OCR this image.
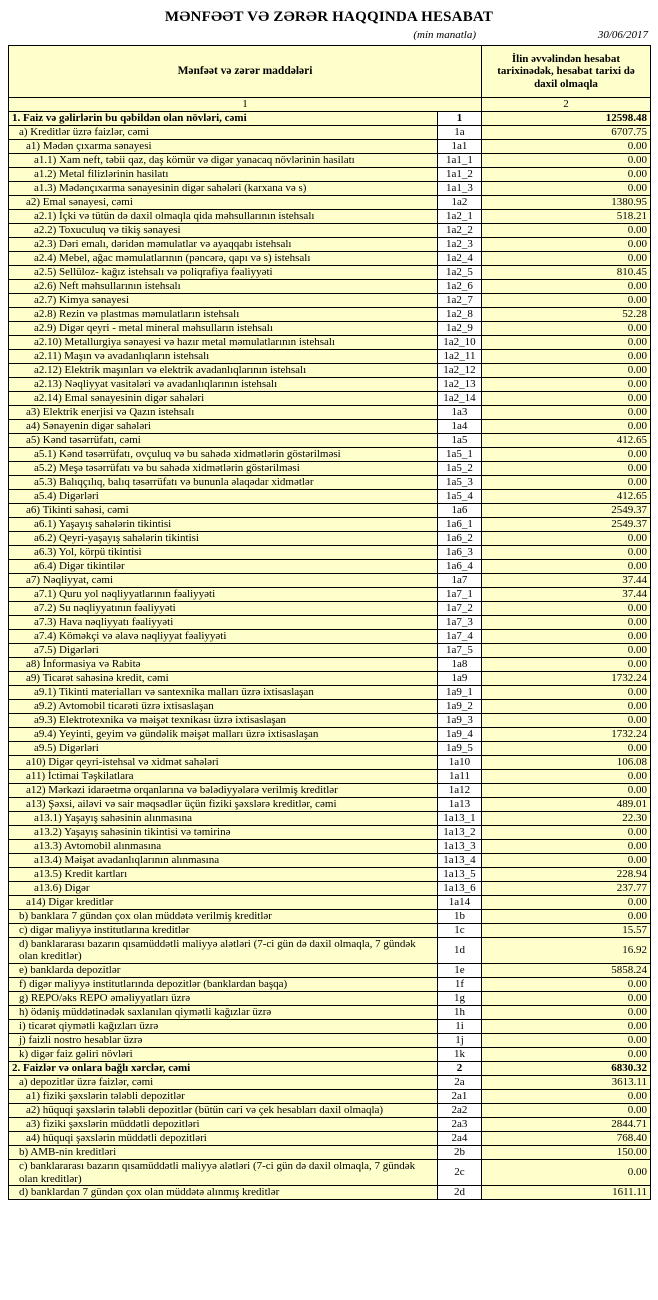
MƏNFƏƏT VƏ ZƏRƏR HAQQINDA HESABAT
(min manatla)	30/06/2017
Mənfəət və zərər maddələri		İlin əvvəlindən hesabat tarixinədək, hesabat tarixi də daxil olmaqla
1		2
1. Faiz və gəlirlərin bu qəbildən olan növləri, cəmi	1	12598.48
a) Kreditlər üzrə faizlər, cəmi	1a	6707.75
a1) Mədən çıxarma sənayesi	1a1	0.00
a1.1) Xam neft, təbii qaz, daş kömür və digər yanacaq növlərinin hasilatı	1a1_1	0.00
a1.2) Metal filizlərinin hasilatı	1a1_2	0.00
a1.3) Mədənçıxarma sənayesinin digər sahələri (karxana və s)	1a1_3	0.00
a2) Emal sənayesi, cəmi	1a2	1380.95
a2.1) İçki və tütün də daxil olmaqla qida məhsullarının istehsalı	1a2_1	518.21
a2.2) Toxuculuq və tikiş sənayesi	1a2_2	0.00
a2.3) Dəri emalı, dəridən məmulatlar və ayaqqabı istehsalı	1a2_3	0.00
a2.4) Mebel, ağac məmulatlarının (pəncərə, qapı və s) istehsalı	1a2_4	0.00
a2.5) Sellüloz- kağız istehsalı və poliqrafiya fəaliyyəti	1a2_5	810.45
a2.6) Neft məhsullarının istehsalı	1a2_6	0.00
a2.7) Kimya sənayesi	1a2_7	0.00
a2.8) Rezin və plastmas məmulatların istehsalı	1a2_8	52.28
a2.9) Digər qeyri - metal mineral məhsulların istehsalı	1a2_9	0.00
a2.10) Metallurgiya sənayesi və hazır metal məmulatlarının istehsalı	1a2_10	0.00
a2.11) Maşın və avadanlıqların istehsalı	1a2_11	0.00
a2.12) Elektrik maşınları və elektrik avadanlıqlarının istehsalı	1a2_12	0.00
a2.13) Nəqliyyat vasitələri və avadanlıqlarının istehsalı	1a2_13	0.00
a2.14) Emal sənayesinin digər sahələri	1a2_14	0.00
a3) Elektrik enerjisi və Qazın istehsalı	1a3	0.00
a4) Sənayenin digər sahələri	1a4	0.00
a5) Kənd təsərrüfatı, cəmi	1a5	412.65
a5.1) Kənd təsərrüfatı, ovçuluq və bu sahədə xidmətlərin göstərilməsi	1a5_1	0.00
a5.2) Meşə təsərrüfatı və bu sahədə xidmətlərin göstərilməsi	1a5_2	0.00
a5.3) Balıqçılıq, balıq təsərrüfatı və bununla əlaqədar xidmətlər	1a5_3	0.00
a5.4) Digərləri	1a5_4	412.65
a6) Tikinti sahəsi, cəmi	1a6	2549.37
a6.1) Yaşayış sahələrin tikintisi	1a6_1	2549.37
a6.2) Qeyri-yaşayış sahələrin tikintisi	1a6_2	0.00
a6.3) Yol, körpü tikintisi	1a6_3	0.00
a6.4) Digər tikintilər	1a6_4	0.00
a7) Nəqliyyat, cəmi	1a7	37.44
a7.1) Quru yol nəqliyyatlarının fəaliyyəti	1a7_1	37.44
a7.2) Su nəqliyyatının fəaliyyəti	1a7_2	0.00
a7.3) Hava nəqliyyatı fəaliyyəti	1a7_3	0.00
a7.4) Köməkçi və əlavə nəqliyyat fəaliyyəti	1a7_4	0.00
a7.5) Digərləri	1a7_5	0.00
a8) İnformasiya və Rabitə	1a8	0.00
a9) Ticarət sahəsinə kredit, cəmi	1a9	1732.24
a9.1) Tikinti materialları və santexnika malları üzrə ixtisaslaşan	1a9_1	0.00
a9.2) Avtomobil ticarəti üzrə ixtisaslaşan	1a9_2	0.00
a9.3) Elektrotexnika və məişət texnikası üzrə ixtisaslaşan	1a9_3	0.00
a9.4) Yeyinti, geyim və gündəlik məişət malları üzrə ixtisaslaşan	1a9_4	1732.24
a9.5) Digərləri	1a9_5	0.00
a10) Digər qeyri-istehsal və xidmət sahələri	1a10	106.08
a11) İctimai Təşkilatlara	1a11	0.00
a12) Mərkəzi idarəetmə orqanlarına və bələdiyyələrə verilmiş kreditlər	1a12	0.00
a13) Şəxsi, ailəvi və sair məqsədlər üçün fiziki şəxslərə kreditlər, cəmi	1a13	489.01
a13.1) Yaşayış sahəsinin alınmasına	1a13_1	22.30
a13.2) Yaşayış sahəsinin tikintisi və təmirinə	1a13_2	0.00
a13.3) Avtomobil alınmasına	1a13_3	0.00
a13.4) Məişət avadanlıqlarının alınmasına	1a13_4	0.00
a13.5) Kredit kartları	1a13_5	228.94
a13.6) Digər	1a13_6	237.77
a14) Digər kreditlər	1a14	0.00
b) banklara 7 gündən çox olan müddətə verilmiş kreditlər	1b	0.00
c) digər maliyyə institutlarına kreditlər	1c	15.57
d) banklararası bazarın qısamüddətli maliyyə alətləri (7-ci gün də daxil olmaqla, 7 gündək olan kreditlər)	1d	16.92
e) banklarda depozitlər	1e	5858.24
f) digər maliyyə institutlarında depozitlər (banklardan başqa)	1f	0.00
g) REPO/əks REPO əməliyyatları üzrə	1g	0.00
h) ödəniş müddətinədək saxlanılan qiymətli kağızlar üzrə	1h	0.00
i) ticarət qiymətli kağızları üzrə	1i	0.00
j) faizli nostro hesablar üzrə	1j	0.00
k) digər faiz gəliri növləri	1k	0.00
2. Faizlər və onlara bağlı xərclər, cəmi	2	6830.32
a) depozitlər üzrə faizlər, cəmi	2a	3613.11
a1) fiziki şəxslərin tələbli depozitlər	2a1	0.00
a2) hüquqi şəxslərin tələbli depozitlər (bütün cari və çek hesabları daxil olmaqla)	2a2	0.00
a3) fiziki şəxslərin müddətli depozitləri	2a3	2844.71
a4) hüquqi şəxslərin müddətli depozitləri	2a4	768.40
b) AMB-nin kreditləri	2b	150.00
c) banklararası bazarın qısamüddətli maliyyə alətləri (7-ci gün də daxil olmaqla, 7 gündək olan kreditlər)	2c	0.00
d) banklardan 7 gündən çox olan müddətə alınmış kreditlər	2d	1611.11
